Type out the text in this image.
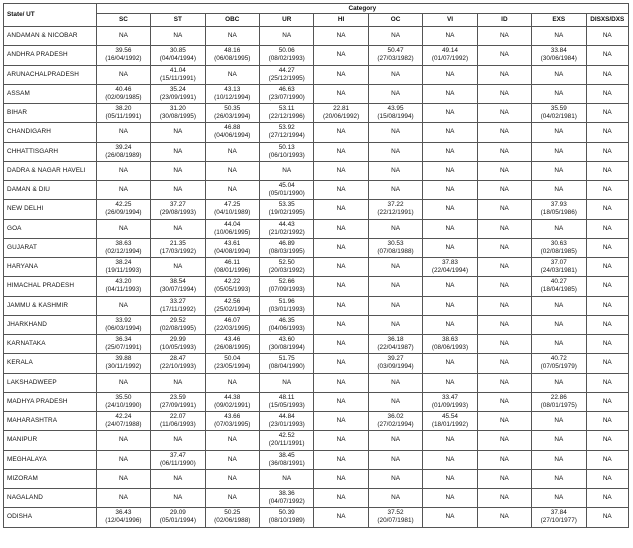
State/ UT	Category									
	SC	ST	OBC	UR	HI	OC	VI	ID	EXS	DISXS/DXS
ANDAMAN & NICOBAR	NA	NA	NA	NA	NA	NA	NA	NA	NA	NA

ANDHRA PRADESH	39.56
(16/04/1992)	30.85
(04/04/1994)	48.16
(06/08/1995)	50.06
(08/02/1993)	NA	50.47
(27/03/1982)	49.14
(01/07/1992)	NA	33.84
(30/06/1984)	NA

ARUNACHALPRADESH	NA	41.04
(15/11/1991)	NA	44.27
(25/12/1995)	NA	NA	NA	NA	NA	NA

ASSAM	40.46
(02/09/1985)	35.24
(23/09/1991)	43.13
(10/12/1994)	46.63
(23/07/1990)	NA	NA	NA	NA	NA	NA

BIHAR	38.20
(05/11/1991)	31.20
(30/08/1995)	50.35
(26/03/1994)	53.11
(22/12/1996)	22.81
(20/06/1992)	43.95
(15/08/1994)	NA	NA	35.59
(04/02/1981)	NA

CHANDIGARH	NA	NA	46.88
(04/06/1994)	53.92
(27/12/1994)	NA	NA	NA	NA	NA	NA

CHHATTISGARH	39.24
(26/08/1989)	NA	NA	50.13
(06/10/1993)	NA	NA	NA	NA	NA	NA

DADRA & NAGAR HAVELI	NA	NA	NA	NA	NA	NA	NA	NA	NA	NA

DAMAN & DIU	NA	NA	NA	45.04
(05/01/1990)	NA	NA	NA	NA	NA	NA

NEW DELHI	42.25
(26/09/1994)	37.27
(29/08/1993)	47.25
(04/10/1989)	53.35
(19/02/1995)	NA	37.22
(22/12/1991)	NA	NA	37.93
(18/05/1986)	NA

GOA	NA	NA	44.04
(10/06/1995)	44.43
(21/02/1992)	NA	NA	NA	NA	NA	NA

GUJARAT	38.63
(02/12/1994)	21.35
(17/03/1992)	43.61
(04/08/1994)	46.89
(08/03/1995)	NA	30.53
(07/08/1988)	NA	NA	30.63
(02/08/1985)	NA

HARYANA	38.24
(19/11/1993)	NA	46.11
(08/01/1996)	52.50
(20/03/1992)	NA	NA	37.83
(22/04/1994)	NA	37.07
(24/03/1981)	NA

HIMACHAL PRADESH	43.20
(04/11/1993)	38.54
(30/07/1994)	42.22
(05/05/1993)	52.66
(07/09/1993)	NA	NA	NA	NA	40.27
(18/04/1985)	NA

JAMMU & KASHMIR	NA	33.27
(17/11/1992)	42.56
(25/02/1994)	51.96
(03/01/1993)	NA	NA	NA	NA	NA	NA

JHARKHAND	33.92
(06/03/1994)	29.52
(02/08/1995)	46.07
(22/03/1995)	46.35
(04/06/1993)	NA	NA	NA	NA	NA	NA

KARNATAKA	36.34
(25/07/1991)	29.99
(10/05/1993)	43.46
(26/08/1995)	43.60
(30/08/1994)	NA	36.18
(22/04/1987)	38.63
(08/06/1993)	NA	NA	NA

KERALA	39.88
(30/11/1992)	28.47
(22/10/1993)	50.04
(23/05/1994)	51.75
(08/04/1990)	NA	39.27
(03/09/1994)	NA	NA	40.72
(07/05/1979)	NA

LAKSHADWEEP	NA	NA	NA	NA	NA	NA	NA	NA	NA	NA

MADHYA PRADESH	35.50
(24/10/1990)	23.59
(27/09/1991)	44.38
(09/02/1991)	48.11
(15/05/1993)	NA	NA	33.47
(01/09/1993)	NA	22.86
(08/01/1975)	NA

MAHARASHTRA	42.24
(24/07/1988)	22.07
(11/06/1993)	43.66
(07/03/1995)	44.84
(23/01/1993)	NA	36.02
(27/02/1994)	45.54
(18/01/1992)	NA	NA	NA

MANIPUR	NA	NA	NA	42.52
(20/11/1991)	NA	NA	NA	NA	NA	NA

MEGHALAYA	NA	37.47
(06/11/1990)	NA	38.45
(36/08/1991)	NA	NA	NA	NA	NA	NA

MIZORAM	NA	NA	NA	NA	NA	NA	NA	NA	NA	NA

NAGALAND	NA	NA	NA	38.36
(04/07/1992)	NA	NA	NA	NA	NA	NA

ODISHA	36.43
(12/04/1996)	29.09
(05/01/1994)	50.25
(02/06/1988)	50.39
(08/10/1989)	NA	37.52
(20/07/1981)	NA	NA	37.84
(27/10/1977)	NA
